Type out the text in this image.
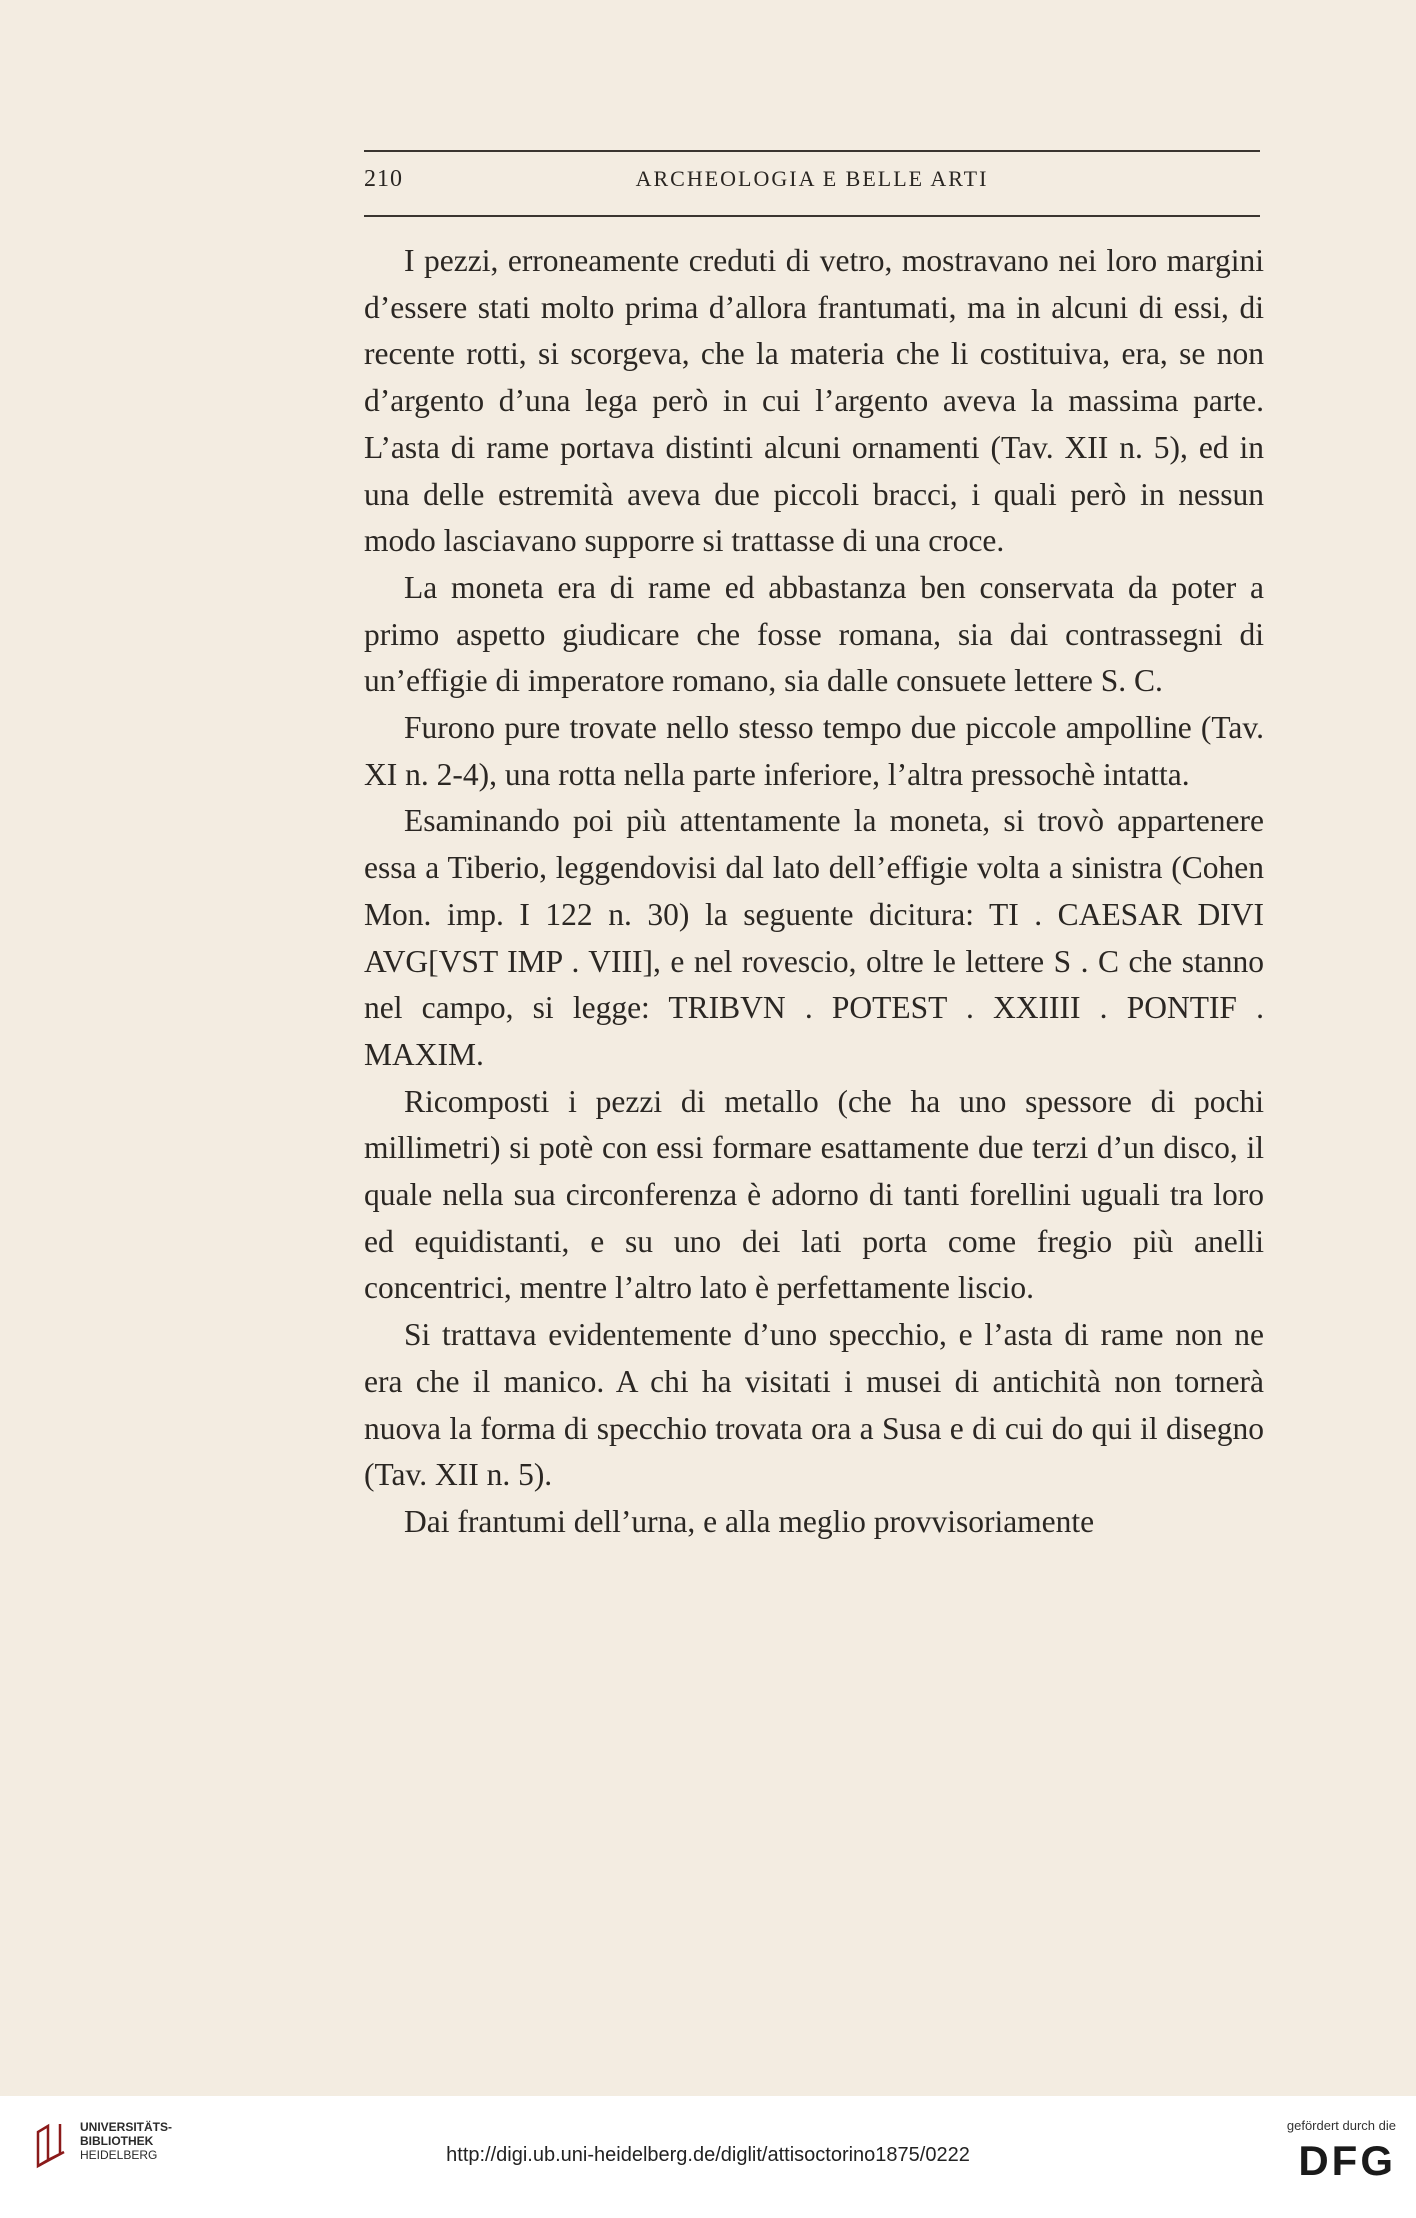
210	ARCHEOLOGIA E BELLE ARTI

I pezzi, erroneamente creduti di vetro, mostravano nei loro margini d’essere stati molto prima d’allora frantumati, ma in alcuni di essi, di recente rotti, si scorgeva, che la materia che li costituiva, era, se non d’argento d’una lega però in cui l’argento aveva la massima parte. L’asta di rame portava distinti alcuni ornamenti (Tav. XII n. 5), ed in una delle estremità aveva due piccoli bracci, i quali però in nessun modo lasciavano supporre si trattasse di una croce.

La moneta era di rame ed abbastanza ben conservata da poter a primo aspetto giudicare che fosse romana, sia dai contrassegni di un’effigie di imperatore romano, sia dalle consuete lettere S. C.

Furono pure trovate nello stesso tempo due piccole ampolline (Tav. XI n. 2-4), una rotta nella parte inferiore, l’altra pressochè intatta.

Esaminando poi più attentamente la moneta, si trovò appartenere essa a Tiberio, leggendovisi dal lato dell’effigie volta a sinistra (Cohen Mon. imp. I 122 n. 30) la seguente dicitura: TI . CAESAR DIVI AVG[VST IMP . VIII], e nel rovescio, oltre le lettere S . C che stanno nel campo, si legge: TRIBVN . POTEST . XXIIII . PONTIF . MAXIM.

Ricomposti i pezzi di metallo (che ha uno spessore di pochi millimetri) si potè con essi formare esattamente due terzi d’un disco, il quale nella sua circonferenza è adorno di tanti forellini uguali tra loro ed equidistanti, e su uno dei lati porta come fregio più anelli concentrici, mentre l’altro lato è perfettamente liscio.

Si trattava evidentemente d’uno specchio, e l’asta di rame non ne era che il manico. A chi ha visitati i musei di antichità non tornerà nuova la forma di specchio trovata ora a Susa e di cui do qui il disegno (Tav. XII n. 5).

Dai frantumi dell’urna, e alla meglio provvisoriamente

UNIVERSITÄTS-
BIBLIOTHEK
HEIDELBERG	http://digi.ub.uni-heidelberg.de/diglit/attisoctorino1875/0222
gefördert durch die
DFG
